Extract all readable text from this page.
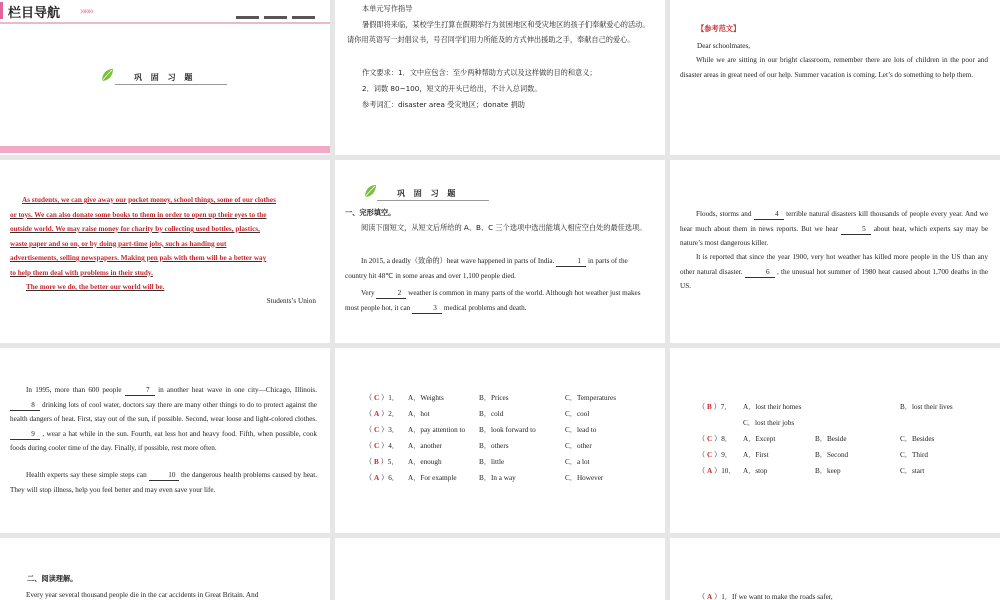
栏目导航 »»»
巩 固 习 题
本单元写作指导
暑假即将来临，某校学生打算在假期举行为贫困地区和受灾地区的孩子们奉献爱心的活动。请你用英语写一封倡议书，号召同学们用力所能及的方式伸出援助之手，奉献自己的爱心。
作文要求：1．文中应包含：至少两种帮助方式以及这样做的目的和意义；
2．词数 80~100，短文的开头已给出，不计入总词数。
参考词汇：disaster area 受灾地区；donate 捐助
【参考范文】
Dear schoolmates,
While we are sitting in our bright classroom, remember there are lots of children in the poor and disaster areas in great need of our help. Summer vacation is coming. Let’s do something to help them.
As students, we can give away our pocket money, school things, some of our clothes
or toys. We can also donate some books to them in order to open up their eyes to the
outside world. We may raise money for charity by collecting used bottles, plastics,
waste paper and so on, or by doing part-time jobs, such as handing out
advertisements, selling newspapers. Making pen pals with them will be a better way
to help them deal with problems in their study.
The more we do, the better our world will be.
Students’s Union
巩 固 习 题
一、完形填空。
阅读下面短文，从短文后所给的 A、B、C 三个选项中选出能填入相应空白处的最佳选项。
In 2015, a deadly（致命的）heat wave happened in parts of India.	1 in parts of the country hit 48℃ in some areas and over 1,100 people died.
Very	2 weather is common in many parts of the world. Although hot weather just makes most people hot, it can	3 medical problems and death.
Floods, storms and	4 terrible natural disasters kill thousands of people every year. And we hear much about them in news reports. But we hear	5 about heat, which experts say may be nature’s most dangerous killer.
It is reported that since the year 1900, very hot weather has killed more people in the US than any other natural disaster.	6 , the unusual hot summer of 1980 heat caused about 1,700 deaths in the US.
In 1995, more than 600 people	7 in another heat wave in one city—Chicago, Illinois. 8 drinking lots of cool water, doctors say there are many other things to do to protect against the health dangers of heat. First, stay out of the sun, if possible. Second, wear loose and light-colored clothes. 9 , wear a hat while in the sun. Fourth, eat less hot and heavy food. Fifth, when possible, cook foods during cooler time of the day. Finally, if possible, rest more often.
Health experts say these simple steps can	10 the dangerous health problems caused by heat. They will stop illness, help you feel better and may even save your life.
（ C ）1． A．Weights	B．Prices	C．Temperatures
（ A ）2． A．hot	B．cold	C．cool
（ C ）3． A．pay attention to B．look forward to	C．lead to
（ C ）4． A．another	B．others	C．other
（ B ）5． A．enough	B．little	C．a lot
（ A ）6． A．For example	B．In a way	C．However
（ B ）7． A．lost their homes	B．lost their lives
C．lost their jobs
（ C ）8． A．Except	B．Beside	C．Besides
（ C ）9． A．First	B．Second	C．Third
（ A ）10． A．stop	B．keep	C．start
二、阅读理解。
Every year several thousand people die in the car accidents in Great Britain. And	（ A ）1．If we want to make the roads safer,
